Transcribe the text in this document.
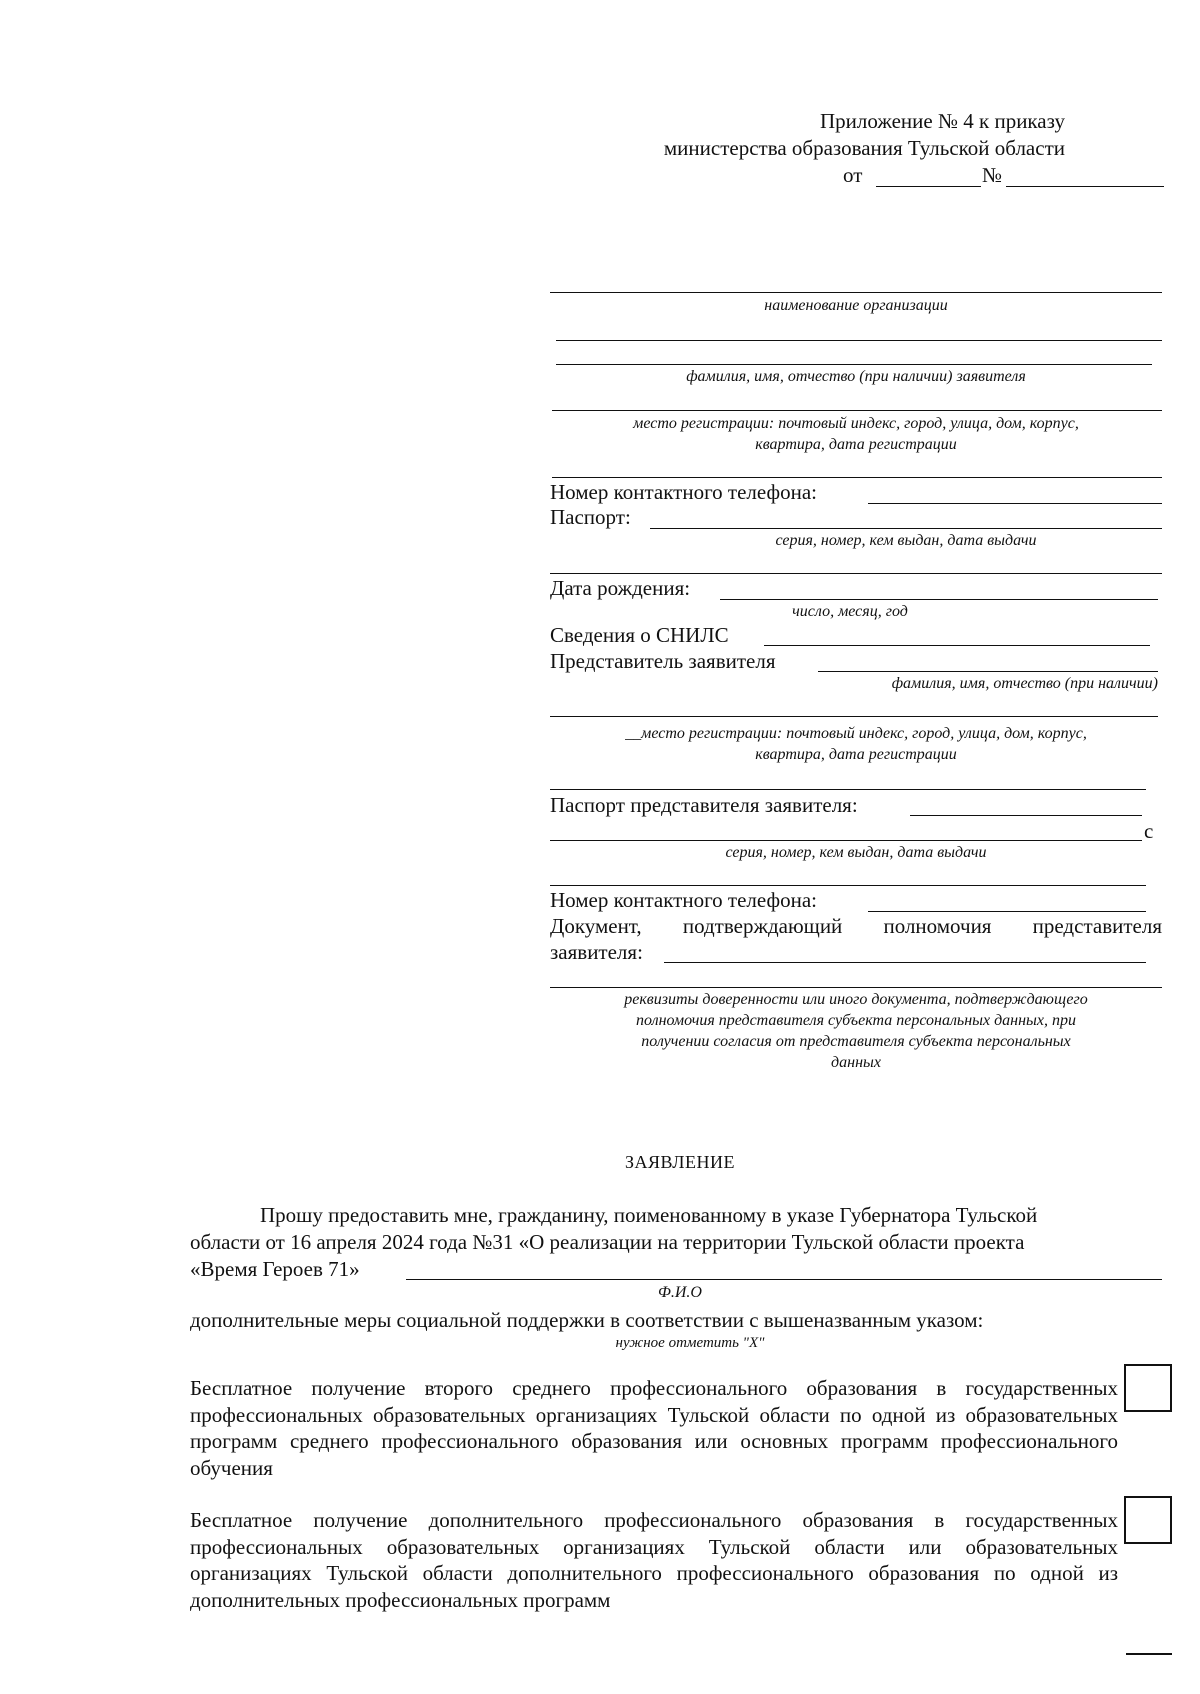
Приложение № 4 к приказу
министерства образования Тульской области
от	№
наименование организации
фамилия, имя, отчество (при наличии) заявителя
место регистрации: почтовый индекс, город, улица, дом, корпус,
квартира, дата регистрации
Номер контактного телефона:
Паспорт:
серия, номер, кем выдан, дата выдачи
Дата рождения:
число, месяц, год
Сведения о СНИЛС
Представитель заявителя
фамилия, имя, отчество (при наличии)
__место регистрации: почтовый индекс, город, улица, дом, корпус,
квартира, дата регистрации
Паспорт представителя заявителя:
с
серия, номер, кем выдан, дата выдачи
Номер контактного телефона:
Документ, подтверждающий полномочия представителя
заявителя:
реквизиты доверенности или иного документа, подтверждающего
полномочия представителя субъекта персональных данных, при
получении согласия от представителя субъекта персональных
данных
ЗАЯВЛЕНИЕ
Прошу предоставить мне, гражданину, поименованному в указе Губернатора Тульской
области от 16 апреля 2024 года №31 «О реализации на территории Тульской области проекта
«Время Героев 71»
Ф.И.О
дополнительные меры социальной поддержки в соответствии с вышеназванным указом:
нужное отметить "X"
Бесплатное получение второго среднего профессионального образования в государственных профессиональных образовательных организациях Тульской области по одной из образовательных программ среднего профессионального образования или основных программ профессионального обучения
Бесплатное получение дополнительного профессионального образования в государственных профессиональных образовательных организациях Тульской области или образовательных организациях Тульской области дополнительного профессионального образования по одной из дополнительных профессиональных программ
